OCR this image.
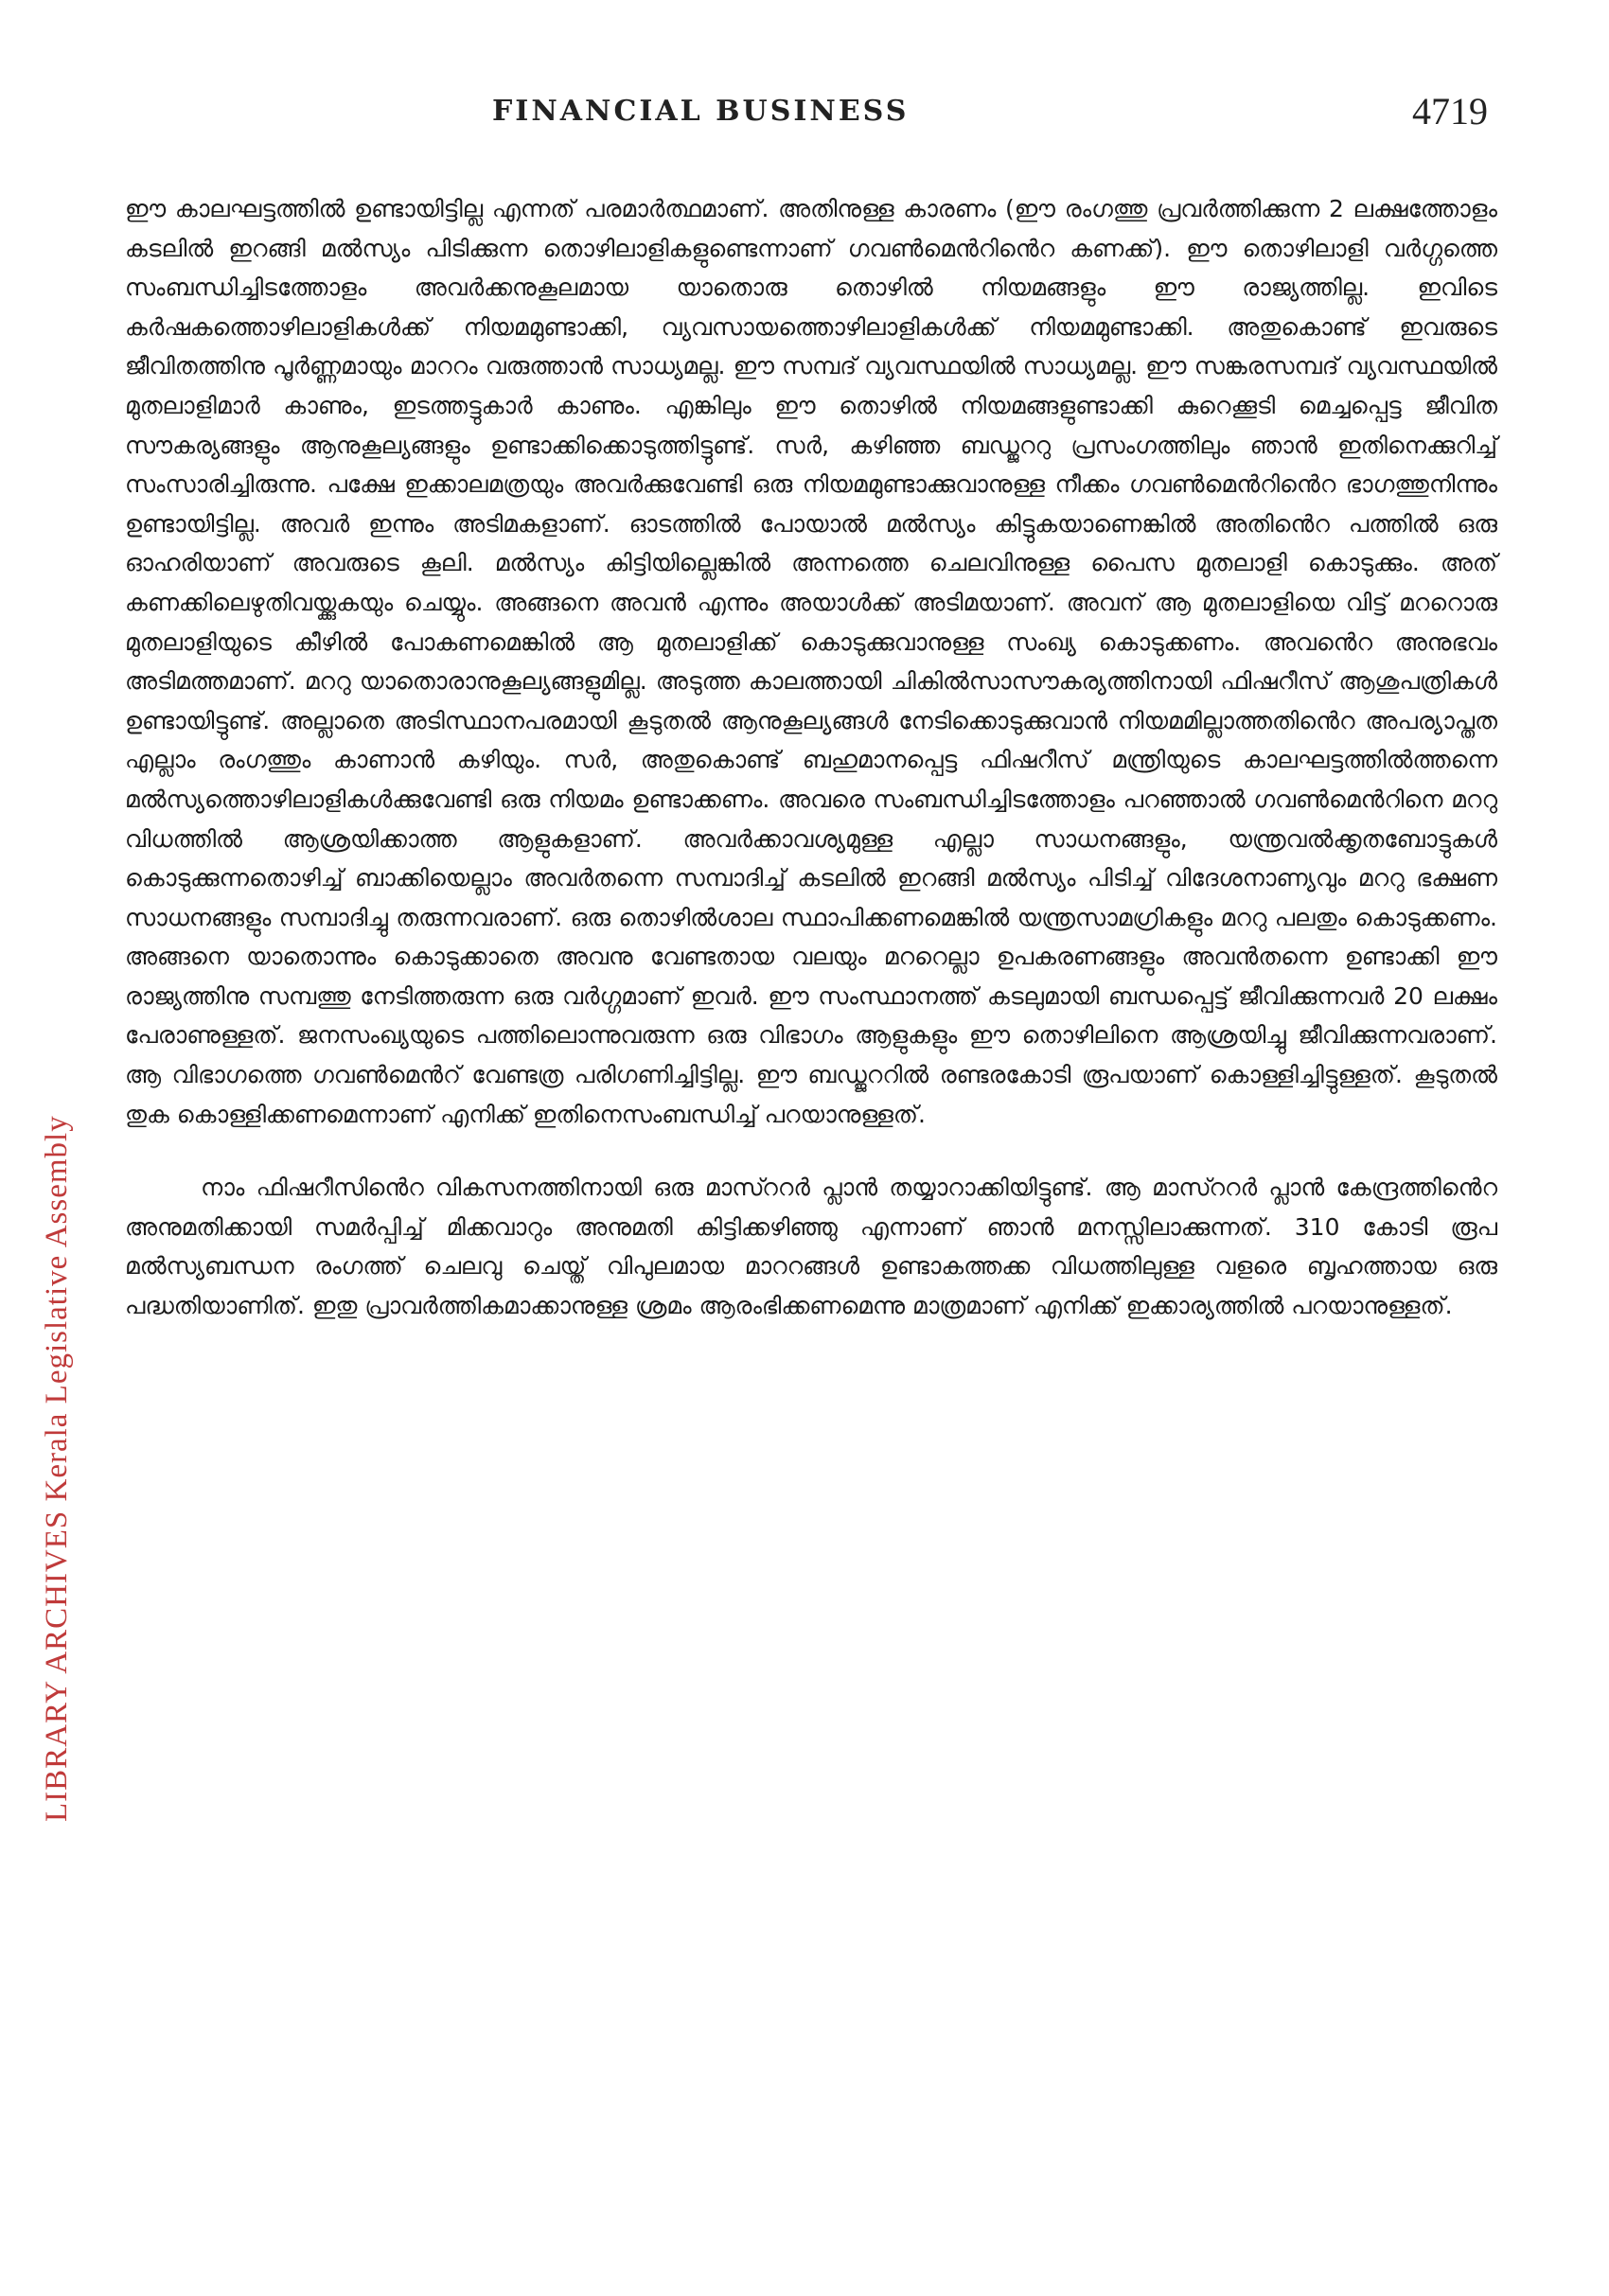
FINANCIAL BUSINESS	4719
LIBRARY ARCHIVES Kerala Legislative Assembly

ഈ കാലഘട്ടത്തിൽ ഉണ്ടായിട്ടില്ല എന്നത് പരമാർത്ഥമാണ്. അതിനുള്ള കാരണം (ഈ രംഗത്തു പ്രവർത്തിക്കുന്ന 2 ലക്ഷത്തോളം കടലിൽ ഇറങ്ങി മൽസ്യം പിടിക്കുന്ന തൊഴിലാളികളുണ്ടെന്നാണ് ഗവൺമെൻറിൻെറ കണക്ക്). ഈ തൊഴിലാളി വർഗ്ഗത്തെ സംബന്ധിച്ചിടത്തോളം അവർക്കനുകൂലമായ യാതൊരു തൊഴിൽ നിയമങ്ങളും ഈ രാജ്യത്തില്ല. ഇവിടെ കർഷകത്തൊഴിലാളികൾക്ക് നിയമമുണ്ടാക്കി, വ്യവസായത്തൊഴിലാളികൾക്ക് നിയമമുണ്ടാക്കി. അതുകൊണ്ട് ഇവരുടെ ജീവിതത്തിനു പൂർണ്ണമായും മാററം വരുത്താൻ സാധ്യമല്ല. ഈ സമ്പദ് വ്യവസ്ഥയിൽ സാധ്യമല്ല. ഈ സങ്കരസമ്പദ് വ്യവസ്ഥയിൽ മുതലാളിമാർ കാണും, ഇടത്തട്ടുകാർ കാണും. എങ്കിലും ഈ തൊഴിൽ നിയമങ്ങളുണ്ടാക്കി കുറെക്കൂടി മെച്ചപ്പെട്ട ജീവിത സൗകര്യങ്ങളും ആനുകൂല്യങ്ങളും ഉണ്ടാക്കിക്കൊടുത്തിട്ടുണ്ട്. സർ, കഴിഞ്ഞ ബഡ്ജററു പ്രസംഗത്തിലും ഞാൻ ഇതിനെക്കുറിച്ച് സംസാരിച്ചിരുന്നു. പക്ഷേ ഇക്കാലമത്രയും അവർക്കുവേണ്ടി ഒരു നിയമമുണ്ടാക്കുവാനുള്ള നീക്കം ഗവൺമെൻറിൻെറ ഭാഗത്തുനിന്നും ഉണ്ടായിട്ടില്ല. അവർ ഇന്നും അടിമകളാണ്. ഓടത്തിൽ പോയാൽ മൽസ്യം കിട്ടുകയാണെങ്കിൽ അതിൻെറ പത്തിൽ ഒരു ഓഹരിയാണ് അവരുടെ കൂലി. മൽസ്യം കിട്ടിയില്ലെങ്കിൽ അന്നത്തെ ചെലവിനുള്ള പൈസ മുതലാളി കൊടുക്കും. അത് കണക്കിലെഴുതിവയ്ക്കുകയും ചെയ്യും. അങ്ങനെ അവൻ എന്നും അയാൾക്ക് അടിമയാണ്. അവന് ആ മുതലാളിയെ വിട്ട് മററൊരു മുതലാളിയുടെ കീഴിൽ പോകണമെങ്കിൽ ആ മുതലാളിക്ക് കൊടുക്കുവാനുള്ള സംഖ്യ കൊടുക്കണം. അവൻെറ അനുഭവം അടിമത്തമാണ്. മററു യാതൊരാനുകൂല്യങ്ങളുമില്ല. അടുത്ത കാലത്തായി ചികിൽസാസൗകര്യത്തിനായി ഫിഷറീസ് ആശുപത്രികൾ ഉണ്ടായിട്ടുണ്ട്. അല്ലാതെ അടിസ്ഥാനപരമായി കൂടുതൽ ആനുകൂല്യങ്ങൾ നേടിക്കൊടുക്കുവാൻ നിയമമില്ലാത്തതിൻെറ അപര്യാപ്തത എല്ലാം രംഗത്തും കാണാൻ കഴിയും. സർ, അതുകൊണ്ട് ബഹുമാനപ്പെട്ട ഫിഷറീസ് മന്ത്രിയുടെ കാലഘട്ടത്തിൽത്തന്നെ മൽസ്യത്തൊഴിലാളികൾക്കുവേണ്ടി ഒരു നിയമം ഉണ്ടാക്കണം. അവരെ സംബന്ധിച്ചിടത്തോളം പറഞ്ഞാൽ ഗവൺമെൻറിനെ മററു വിധത്തിൽ ആശ്രയിക്കാത്ത ആളുകളാണ്. അവർക്കാവശ്യമുള്ള എല്ലാ സാധനങ്ങളും, യന്ത്രവൽക്കൃതബോട്ടുകൾ കൊടുക്കുന്നതൊഴിച്ച് ബാക്കിയെല്ലാം അവർതന്നെ സമ്പാദിച്ച് കടലിൽ ഇറങ്ങി മൽസ്യം പിടിച്ച് വിദേശനാണ്യവും മററു ഭക്ഷണ സാധനങ്ങളും സമ്പാദിച്ചു തരുന്നവരാണ്. ഒരു തൊഴിൽശാല സ്ഥാപിക്കണമെങ്കിൽ യന്ത്രസാമഗ്രികളും മററു പലതും കൊടുക്കണം. അങ്ങനെ യാതൊന്നും കൊടുക്കാതെ അവനു വേണ്ടതായ വലയും മററെല്ലാ ഉപകരണങ്ങളും അവൻതന്നെ ഉണ്ടാക്കി ഈ രാജ്യത്തിനു സമ്പത്തു നേടിത്തരുന്ന ഒരു വർഗ്ഗമാണ് ഇവർ. ഈ സംസ്ഥാനത്ത് കടലുമായി ബന്ധപ്പെട്ട് ജീവിക്കുന്നവർ 20 ലക്ഷം പേരാണുള്ളത്. ജനസംഖ്യയുടെ പത്തിലൊന്നുവരുന്ന ഒരു വിഭാഗം ആളുകളും ഈ തൊഴിലിനെ ആശ്രയിച്ചു ജീവിക്കുന്നവരാണ്. ആ വിഭാഗത്തെ ഗവൺമെൻറ് വേണ്ടത്ര പരിഗണിച്ചിട്ടില്ല. ഈ ബഡ്ജററിൽ രണ്ടരകോടി രൂപയാണ് കൊള്ളിച്ചിട്ടുള്ളത്. കൂടുതൽ തുക കൊള്ളിക്കണമെന്നാണ് എനിക്ക് ഇതിനെസംബന്ധിച്ച് പറയാനുള്ളത്.

നാം ഫിഷറീസിൻെറ വികസനത്തിനായി ഒരു മാസ്ററർ പ്ലാൻ തയ്യാറാക്കിയിട്ടുണ്ട്. ആ മാസ്ററർ പ്ലാൻ കേന്ദ്രത്തിൻെറ അനുമതിക്കായി സമർപ്പിച്ച് മിക്കവാറും അനുമതി കിട്ടിക്കഴിഞ്ഞു എന്നാണ് ഞാൻ മനസ്സിലാക്കുന്നത്. 310 കോടി രൂപ മൽസ്യബന്ധന രംഗത്ത് ചെലവു ചെയ്ത് വിപുലമായ മാററങ്ങൾ ഉണ്ടാകത്തക്ക വിധത്തിലുള്ള വളരെ ബൃഹത്തായ ഒരു പദ്ധതിയാണിത്. ഇതു പ്രാവർത്തികമാക്കാനുള്ള ശ്രമം ആരംഭിക്കണമെന്നു മാത്രമാണ് എനിക്ക് ഇക്കാര്യത്തിൽ പറയാനുള്ളത്.
